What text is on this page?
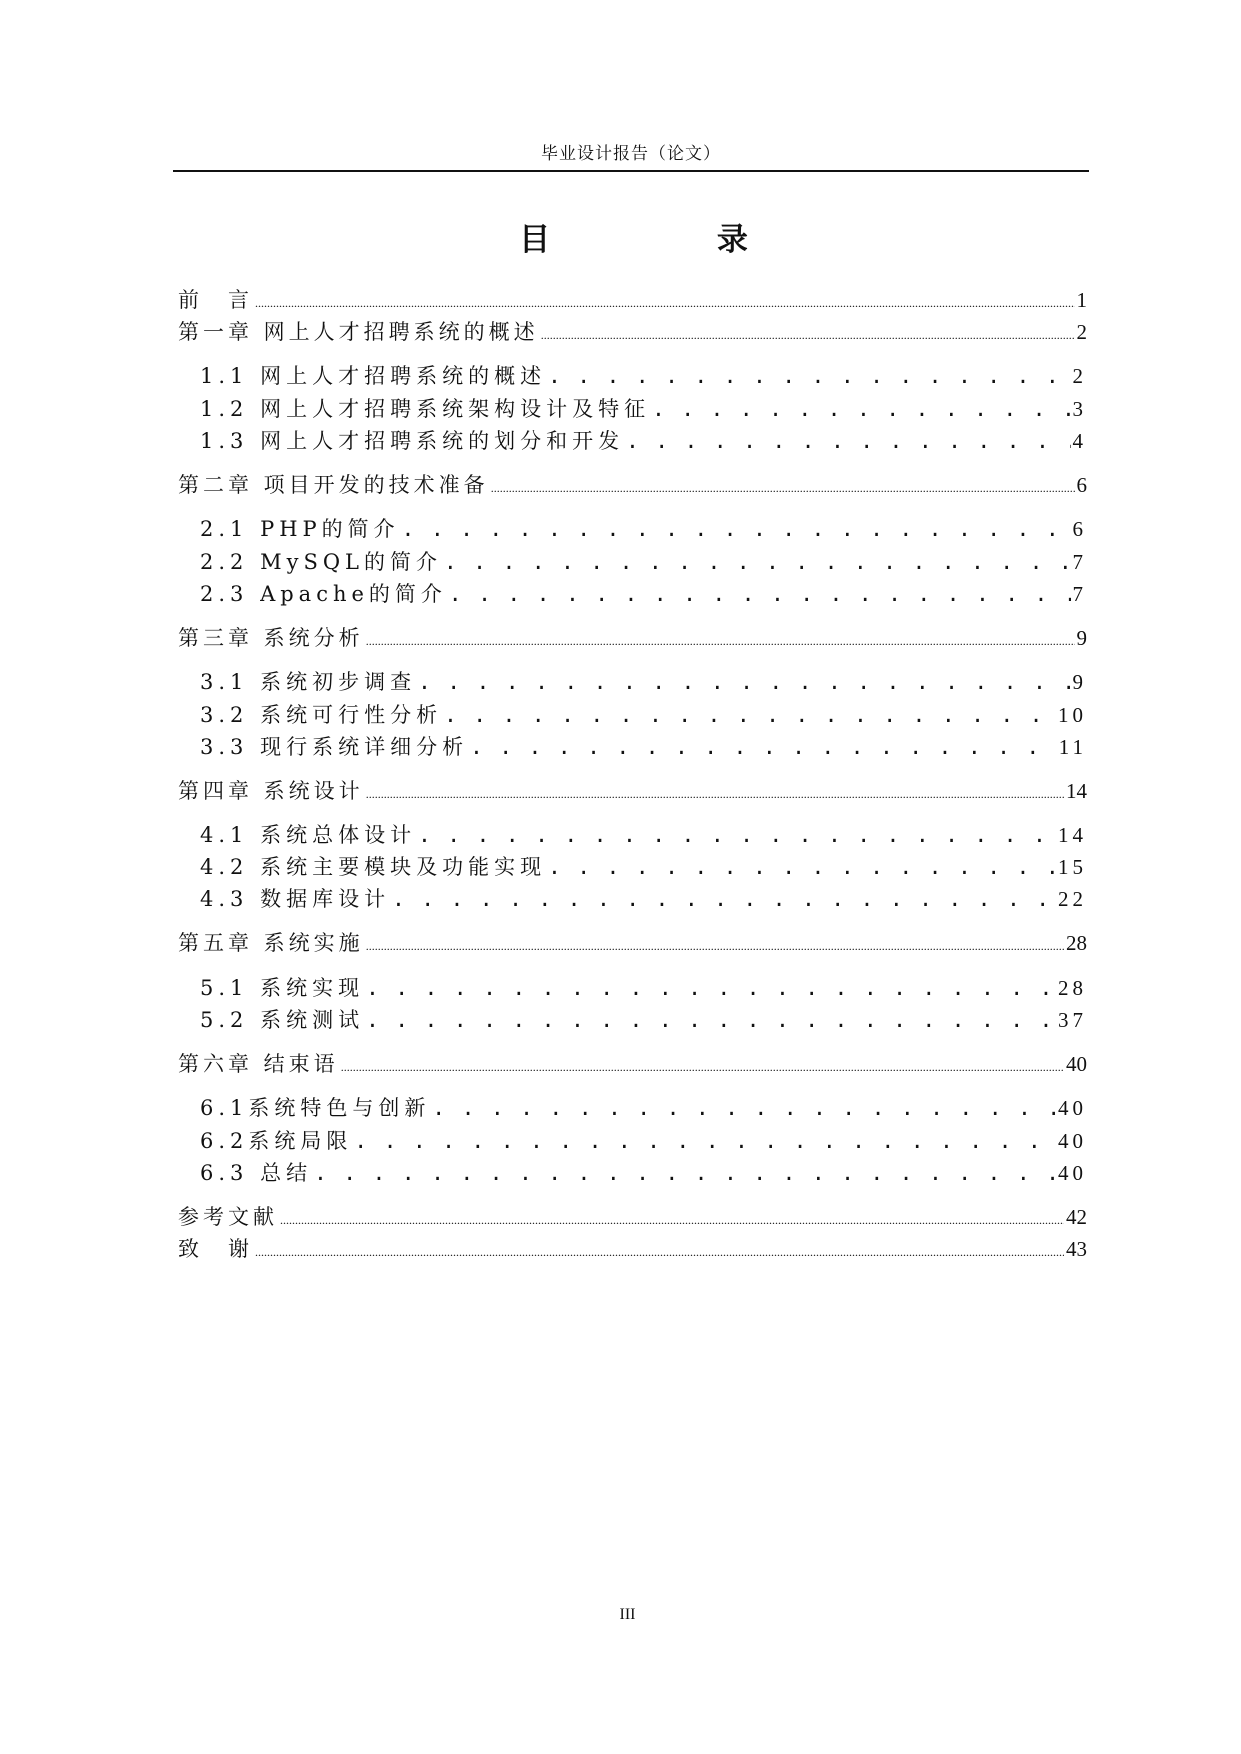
毕业设计报告（论文）
目 录
前　言 .....	1
第一章 网上人才招聘系统的概述 .....	2
1.1 网上人才招聘系统的概述 . . .	2
1.2 网上人才招聘系统架构设计及特征 . . .	3
1.3 网上人才招聘系统的划分和开发 . . .	4
第二章 项目开发的技术准备 .....	6
2.1 PHP的简介 . . .	6
2.2 MySQL的简介 . . .	7
2.3 Apache的简介 . . .	7
第三章 系统分析 .....	9
3.1 系统初步调查 . . .	9
3.2 系统可行性分析 . . .	10
3.3 现行系统详细分析 . . .	11
第四章 系统设计 .....	14
4.1 系统总体设计 . . .	14
4.2 系统主要模块及功能实现 . . .	15
4.3 数据库设计 . . .	22
第五章 系统实施 .....	28
5.1 系统实现 . . .	28
5.2 系统测试 . . .	37
第六章 结束语 .....	40
6.1系统特色与创新 . . .	40
6.2系统局限 . . .	40
6.3 总结 . . .	40
参考文献 .....	42
致　谢 .....	43
III
